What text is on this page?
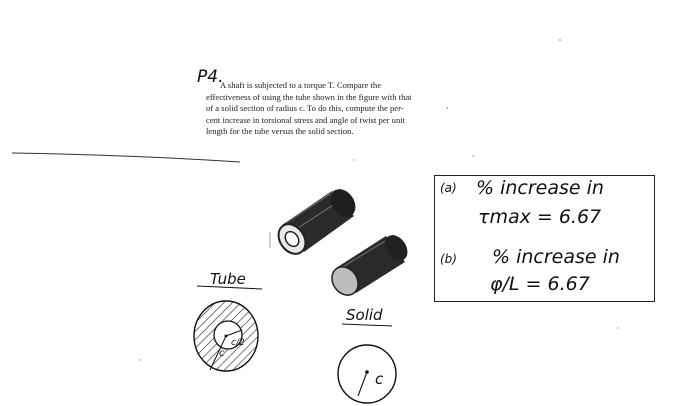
P4.
A shaft is subjected to a torque T. Compare the
effectiveness of using the tube shown in the figure with that
of a solid section of radius c. To do this, compute the per-
cent increase in torsional stress and angle of twist per unit
length for the tube versus the solid section.
(a) % increase in
τmax = 6.67
(b) % increase in
φ/L = 6.67
Tube
Solid
c
c/2
c
